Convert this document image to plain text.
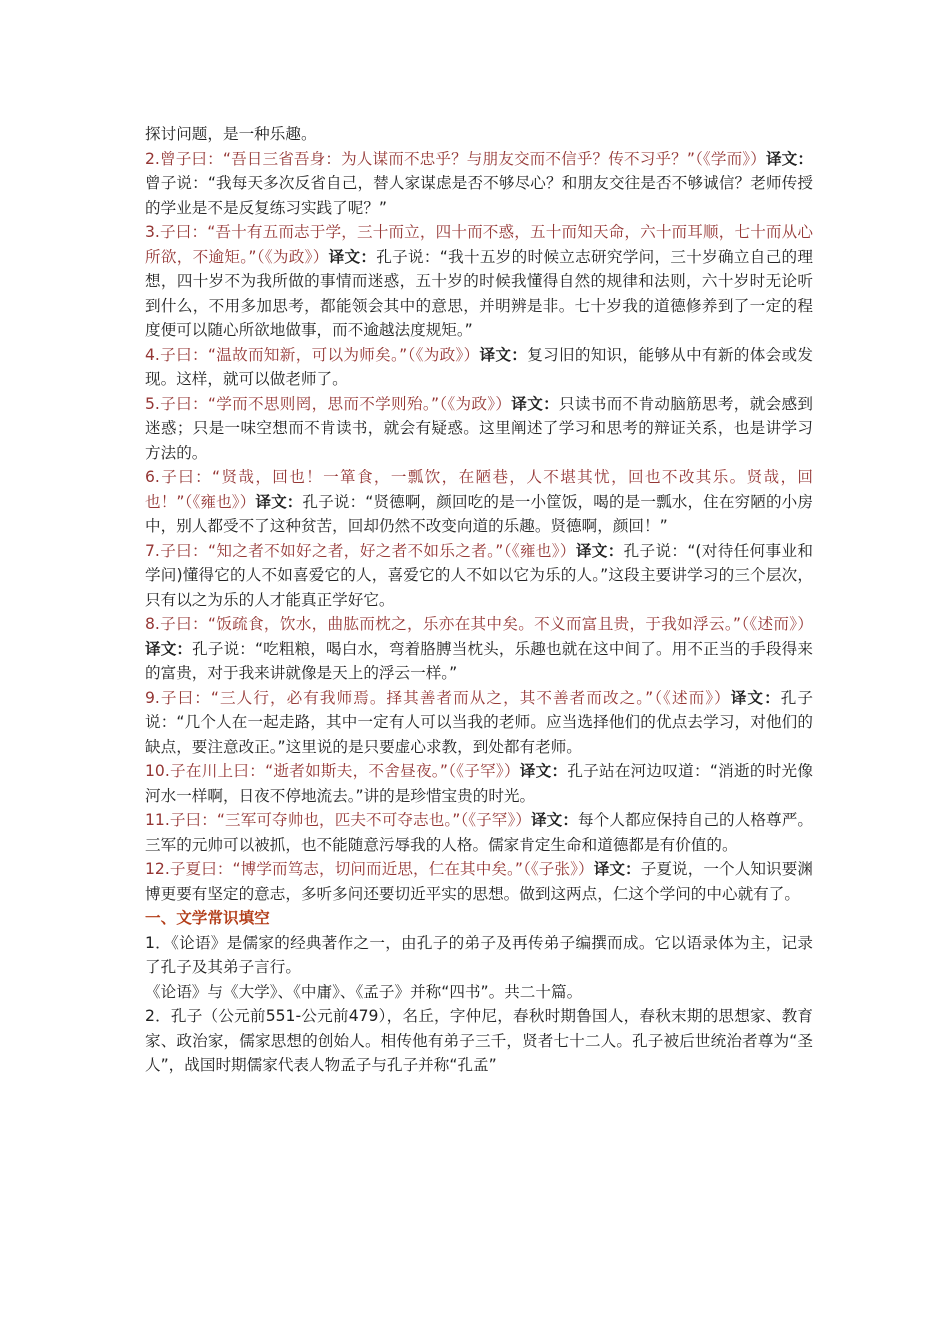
探讨问题，是一种乐趣。

2.曾子曰：“吾日三省吾身：为人谋而不忠乎？与朋友交而不信乎？传不习乎？”（《学而》）译文：曾子说：“我每天多次反省自己，替人家谋虑是否不够尽心？和朋友交往是否不够诚信？老师传授的学业是不是反复练习实践了呢？”

3.子曰：“吾十有五而志于学，三十而立，四十而不惑，五十而知天命，六十而耳顺，七十而从心所欲，不逾矩。”（《为政》）译文：孔子说：“我十五岁的时候立志研究学问，三十岁确立自己的理想，四十岁不为我所做的事情而迷惑，五十岁的时候我懂得自然的规律和法则，六十岁时无论听到什么，不用多加思考，都能领会其中的意思，并明辨是非。七十岁我的道德修养到了一定的程度便可以随心所欲地做事，而不逾越法度规矩。”

4.子曰：“温故而知新，可以为师矣。”（《为政》）译文：复习旧的知识，能够从中有新的体会或发现。这样，就可以做老师了。

5.子曰：“学而不思则罔，思而不学则殆。”（《为政》）译文：只读书而不肯动脑筋思考，就会感到迷惑；只是一味空想而不肯读书，就会有疑惑。这里阐述了学习和思考的辩证关系，也是讲学习方法的。

6.子曰：“贤哉，回也！一箪食，一瓢饮，在陋巷，人不堪其忧，回也不改其乐。贤哉，回也！”（《雍也》）译文：孔子说：“贤德啊，颜回吃的是一小筐饭，喝的是一瓢水，住在穷陋的小房中，别人都受不了这种贫苦，回却仍然不改变向道的乐趣。贤德啊，颜回！”

7.子曰：“知之者不如好之者，好之者不如乐之者。”（《雍也》）译文：孔子说：“(对待任何事业和学问)懂得它的人不如喜爱它的人，喜爱它的人不如以它为乐的人。”这段主要讲学习的三个层次，只有以之为乐的人才能真正学好它。

8.子曰：“饭疏食，饮水，曲肱而枕之，乐亦在其中矣。不义而富且贵，于我如浮云。”（《述而》）译文：孔子说：“吃粗粮，喝白水，弯着胳膊当枕头，乐趣也就在这中间了。用不正当的手段得来的富贵，对于我来讲就像是天上的浮云一样。”

9.子曰：“三人行，必有我师焉。择其善者而从之，其不善者而改之。”（《述而》）译文：孔子说：“几个人在一起走路，其中一定有人可以当我的老师。应当选择他们的优点去学习，对他们的缺点，要注意改正。”这里说的是只要虚心求教，到处都有老师。

10.子在川上曰：“逝者如斯夫，不舍昼夜。”（《子罕》）译文：孔子站在河边叹道：“消逝的时光像河水一样啊，日夜不停地流去。”讲的是珍惜宝贵的时光。

11.子曰：“三军可夺帅也，匹夫不可夺志也。”（《子罕》）译文：每个人都应保持自己的人格尊严。三军的元帅可以被抓，也不能随意污辱我的人格。儒家肯定生命和道德都是有价值的。

12.子夏曰：“博学而笃志，切问而近思，仁在其中矣。”（《子张》）译文：子夏说，一个人知识要渊博更要有坚定的意志，多听多问还要切近平实的思想。做到这两点，仁这个学问的中心就有了。

一、文学常识填空

1．《论语》是儒家的经典著作之一，由孔子的弟子及再传弟子编撰而成。它以语录体为主，记录了孔子及其弟子言行。

《论语》与《大学》、《中庸》、《孟子》并称“四书”。共二十篇。

2．孔子（公元前551-公元前479），名丘，字仲尼，春秋时期鲁国人，春秋末期的思想家、教育家、政治家，儒家思想的创始人。相传他有弟子三千，贤者七十二人。孔子被后世统治者尊为“圣人”，战国时期儒家代表人物孟子与孔子并称“孔孟”
